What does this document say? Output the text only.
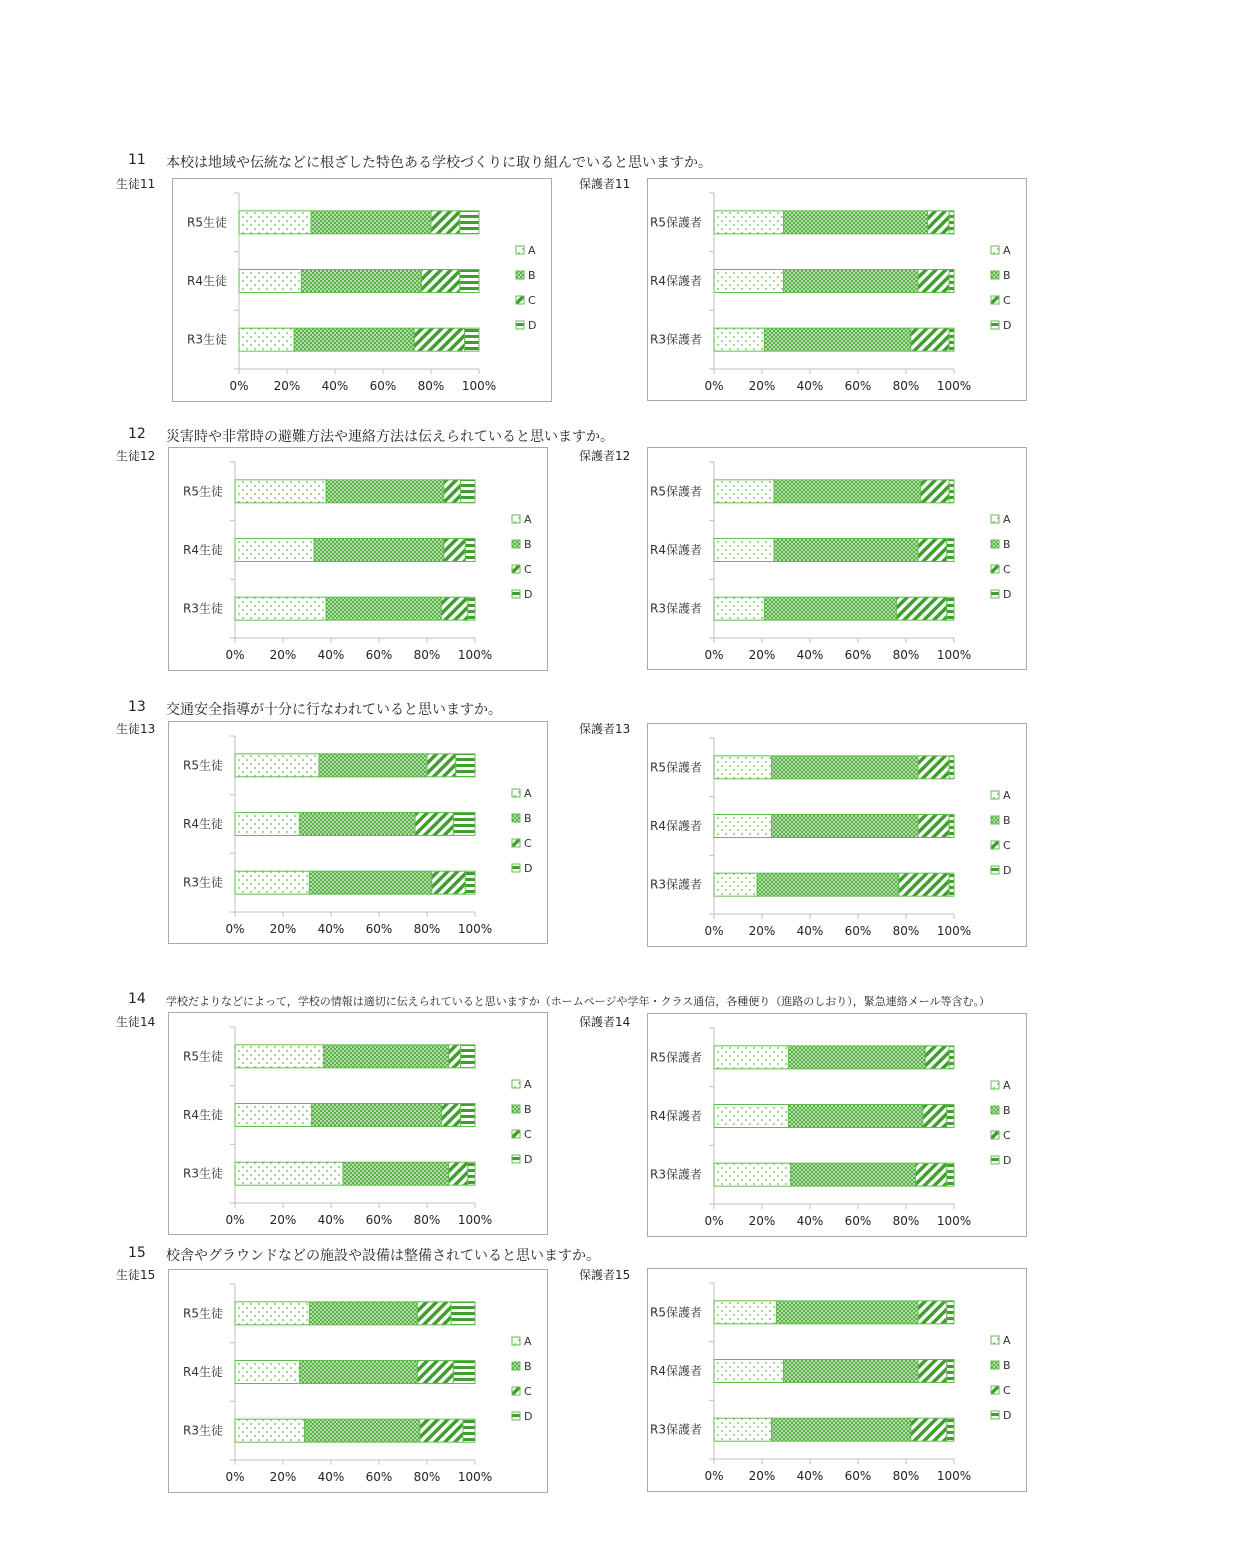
11 本校は地域や伝統などに根ざした特色ある学校づくりに取り組んでいると思いますか。
12 災害時や非常時の避難方法や連絡方法は伝えられていると思いますか。
13 交通安全指導が十分に行なわれていると思いますか。
14 学校だよりなどによって，学校の情報は適切に伝えられていると思いますか（ホームページや学年・クラス通信，各種便り（進路のしおり），緊急連絡メール等含む。）
15 校舎やグラウンドなどの施設や設備は整備されていると思いますか。
生徒11	保護者11
生徒12	保護者12
生徒13	保護者13
生徒14	保護者14
生徒15	保護者15
0% 20% 40% 60% 80% 100%
R5生徒
R4生徒
R3生徒
A
B
C
D
0% 20% 40% 60% 80% 100%
R5保護者
R4保護者
R3保護者
A
B
C
D
0% 20% 40% 60% 80% 100%
R5生徒
R4生徒
R3生徒
A
B
C
D
0% 20% 40% 60% 80% 100%
R5保護者
R4保護者
R3保護者
A
B
C
D
0% 20% 40% 60% 80% 100%
R5生徒
R4生徒
R3生徒
A
B
C
D
0% 20% 40% 60% 80% 100%
R5保護者
R4保護者
R3保護者
A
B
C
D
0% 20% 40% 60% 80% 100%
R5生徒
R4生徒
R3生徒
A
B
C
D
0% 20% 40% 60% 80% 100%
R5保護者
R4保護者
R3保護者
A
B
C
D
0% 20% 40% 60% 80% 100%
R5生徒
R4生徒
R3生徒
A
B
C
D
0% 20% 40% 60% 80% 100%
R5保護者
R4保護者
R3保護者
A
B
C
D
